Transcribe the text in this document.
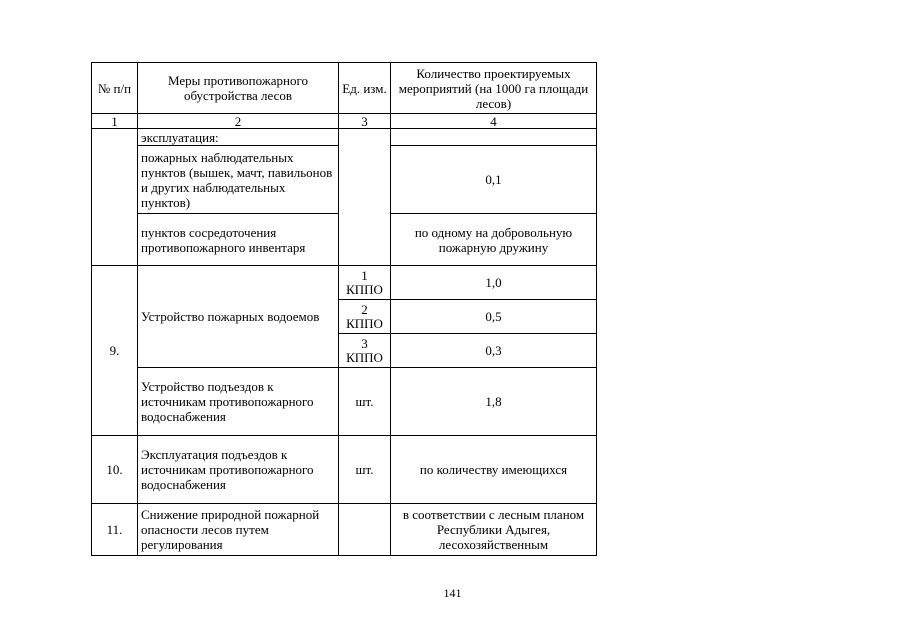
№ п/п	Меры противопожарного обустройства лесов	Ед. изм.	Количество проектируемых мероприятий (на 1000 га площади лесов)
1	2	3	4
	эксплуатация:		
	пожарных наблюдательных пунктов (вышек, мачт, павильонов и других наблюдательных пунктов)		0,1
	пунктов сосредоточения противопожарного инвентаря		по одному на добровольную пожарную дружину
9.	Устройство пожарных водоемов	1 КППО	1,0
		2 КППО	0,5
		3 КППО	0,3
	Устройство подъездов к источникам противопожарного водоснабжения	шт.	1,8
10.	Эксплуатация подъездов к источникам противопожарного водоснабжения	шт.	по количеству имеющихся
11.	Снижение природной пожарной опасности лесов путем регулирования		в соответствии с лесным планом Республики Адыгея, лесохозяйственным
141
